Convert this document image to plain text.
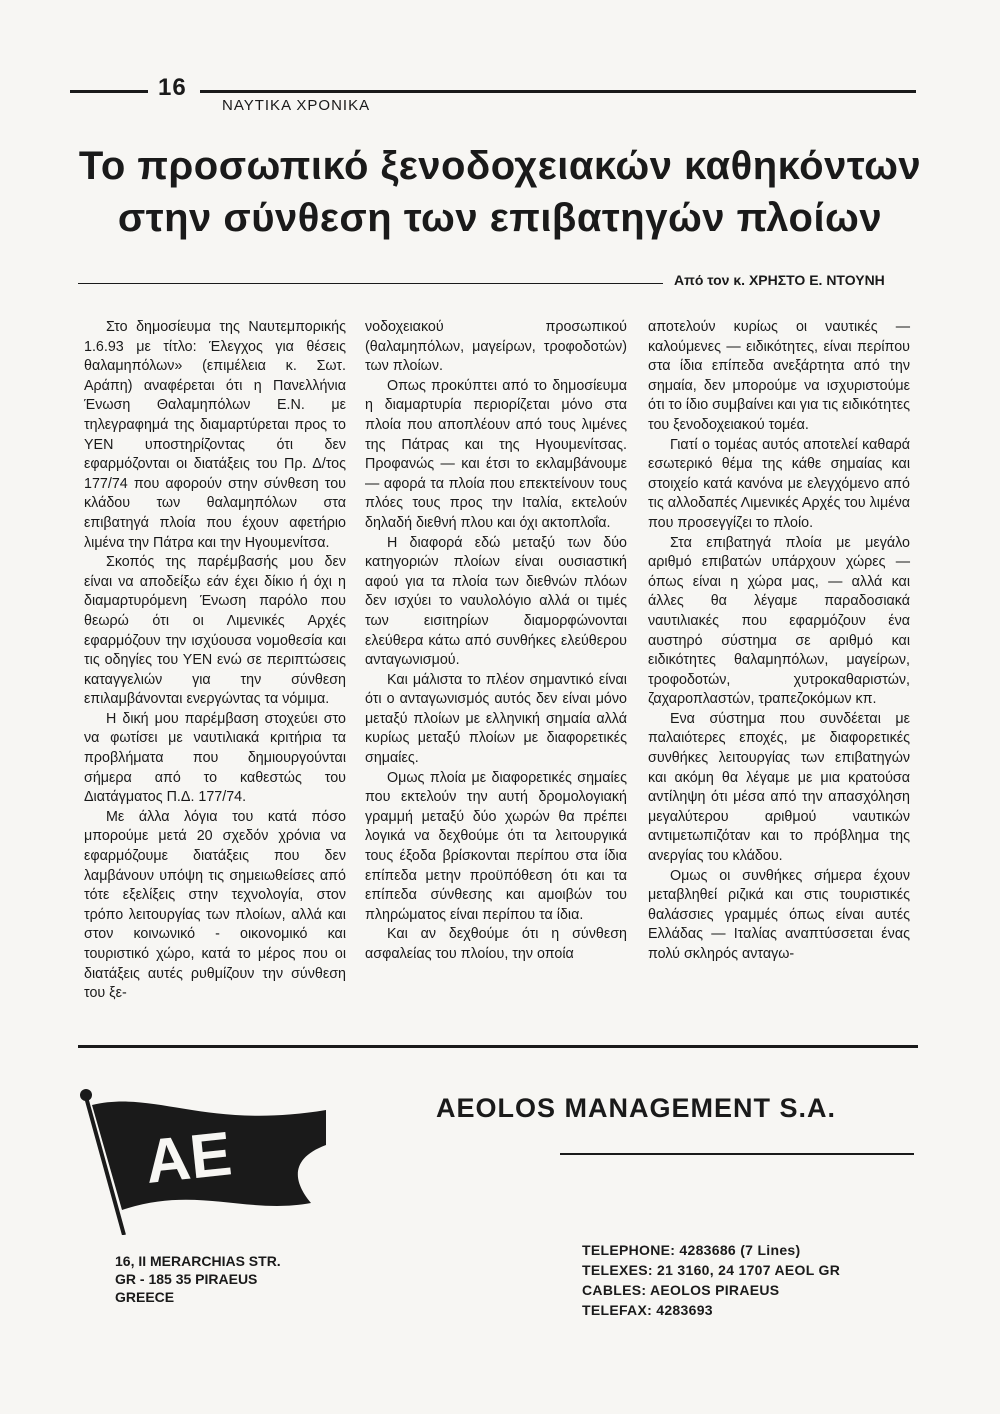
16
ΝΑΥΤΙΚΑ ΧΡΟΝΙΚΑ
Το προσωπικό ξενοδοχειακών καθηκόντων
στην σύνθεση των επιβατηγών πλοίων
Από τον κ. ΧΡΗΣΤΟ Ε. ΝΤΟΥΝΗ

Στο δημοσίευμα της Ναυτεμπορικής 1.6.93 με τίτλο: Έλεγχος για θέσεις θαλαμηπόλων» (επιμέλεια κ. Σωτ. Αράπη) αναφέρεται ότι η Πανελλήνια Ένωση Θαλαμηπόλων Ε.Ν. με τηλεγραφημά της διαμαρτύρεται προς το ΥΕΝ υποστηρίζοντας ότι δεν εφαρμόζονται οι διατάξεις του Πρ. Δ/τος 177/74 που αφορούν στην σύνθεση του κλάδου των θαλαμηπόλων στα επιβατηγά πλοία που έχουν αφετήριο λιμένα την Πάτρα και την Ηγουμενίτσα.

Σκοπός της παρέμβασής μου δεν είναι να αποδείξω εάν έχει δίκιο ή όχι η διαμαρτυρόμενη Ένωση παρόλο που θεωρώ ότι οι Λιμενικές Αρχές εφαρμόζουν την ισχύουσα νομοθεσία και τις οδηγίες του ΥΕΝ ενώ σε περιπτώσεις καταγγελιών για την σύνθεση επιλαμβάνονται ενεργώντας τα νόμιμα.

Η δική μου παρέμβαση στοχεύει στο να φωτίσει με ναυτιλιακά κριτήρια τα προβλήματα που δημιουργούνται σήμερα από το καθεστώς του Διατάγματος Π.Δ. 177/74.

Με άλλα λόγια του κατά πόσο μπορούμε μετά 20 σχεδόν χρόνια να εφαρμόζουμε διατάξεις που δεν λαμβάνουν υπόψη τις σημειωθείσες από τότε εξελίξεις στην τεχνολογία, στον τρόπο λειτουργίας των πλοίων, αλλά και στον κοινωνικό - οικονομικό και τουριστικό χώρο, κατά το μέρος που οι διατάξεις αυτές ρυθμίζουν την σύνθεση του ξε-

νοδοχειακού προσωπικού (θαλαμηπόλων, μαγείρων, τροφοδοτών) των πλοίων.

Οπως προκύπτει από το δημοσίευμα η διαμαρτυρία περιορίζεται μόνο στα πλοία που αποπλέουν από τους λιμένες της Πάτρας και της Ηγουμενίτσας. Προφανώς — και έτσι το εκλαμβάνουμε — αφορά τα πλοία που επεκτείνουν τους πλόες τους προς την Ιταλία, εκτελούν δηλαδή διεθνή πλου και όχι ακτοπλοΐα.

Η διαφορά εδώ μεταξύ των δύο κατηγοριών πλοίων είναι ουσιαστική αφού για τα πλοία των διεθνών πλόων δεν ισχύει το ναυλολόγιο αλλά οι τιμές των εισιτηρίων διαμορφώνονται ελεύθερα κάτω από συνθήκες ελεύθερου ανταγωνισμού.

Και μάλιστα το πλέον σημαντικό είναι ότι ο ανταγωνισμός αυτός δεν είναι μόνο μεταξύ πλοίων με ελληνική σημαία αλλά κυρίως μεταξύ πλοίων με διαφορετικές σημαίες.

Ομως πλοία με διαφορετικές σημαίες που εκτελούν την αυτή δρομολογιακή γραμμή μεταξύ δύο χωρών θα πρέπει λογικά να δεχθούμε ότι τα λειτουργικά τους έξοδα βρίσκονται περίπου στα ίδια επίπεδα μετην προϋπόθεση ότι και τα επίπεδα σύνθεσης και αμοιβών του πληρώματος είναι περίπου τα ίδια.

Και αν δεχθούμε ότι η σύνθεση ασφαλείας του πλοίου, την οποία

αποτελούν κυρίως οι ναυτικές — καλούμενες — ειδικότητες, είναι περίπου στα ίδια επίπεδα ανεξάρτητα από την σημαία, δεν μπορούμε να ισχυριστούμε ότι το ίδιο συμβαίνει και για τις ειδικότητες του ξενοδοχειακού τομέα.

Γιατί ο τομέας αυτός αποτελεί καθαρά εσωτερικό θέμα της κάθε σημαίας και στοιχείο κατά κανόνα με ελεγχόμενο από τις αλλοδαπές Λιμενικές Αρχές του λιμένα που προσεγγίζει το πλοίο.

Στα επιβατηγά πλοία με μεγάλο αριθμό επιβατών υπάρχουν χώρες — όπως είναι η χώρα μας, — αλλά και άλλες θα λέγαμε παραδοσιακά ναυτιλιακές που εφαρμόζουν ένα αυστηρό σύστημα σε αριθμό και ειδικότητες θαλαμηπόλων, μαγείρων, τροφοδοτών, χυτροκαθαριστών, ζαχαροπλαστών, τραπεζοκόμων κπ.

Ενα σύστημα που συνδέεται με παλαιότερες εποχές, με διαφορετικές συνθήκες λειτουργίας των επιβατηγών και ακόμη θα λέγαμε με μια κρατούσα αντίληψη ότι μέσα από την απασχόληση μεγαλύτερου αριθμού ναυτικών αντιμετωπιζόταν και το πρόβλημα της ανεργίας του κλάδου.

Ομως οι συνθήκες σήμερα έχουν μεταβληθεί ριζικά και στις τουριστικές θαλάσσιες γραμμές όπως είναι αυτές Ελλάδας — Ιταλίας αναπτύσσεται ένας πολύ σκληρός ανταγω-

ΑΕ
AEOLOS MANAGEMENT S.A.
16, II MERARCHIAS STR.
GR - 185 35 PIRAEUS
GREECE
TELEPHONE: 4283686 (7 Lines)
TELEXES: 21 3160, 24 1707 AEOL GR
CABLES: AEOLOS PIRAEUS
TELEFAX: 4283693
